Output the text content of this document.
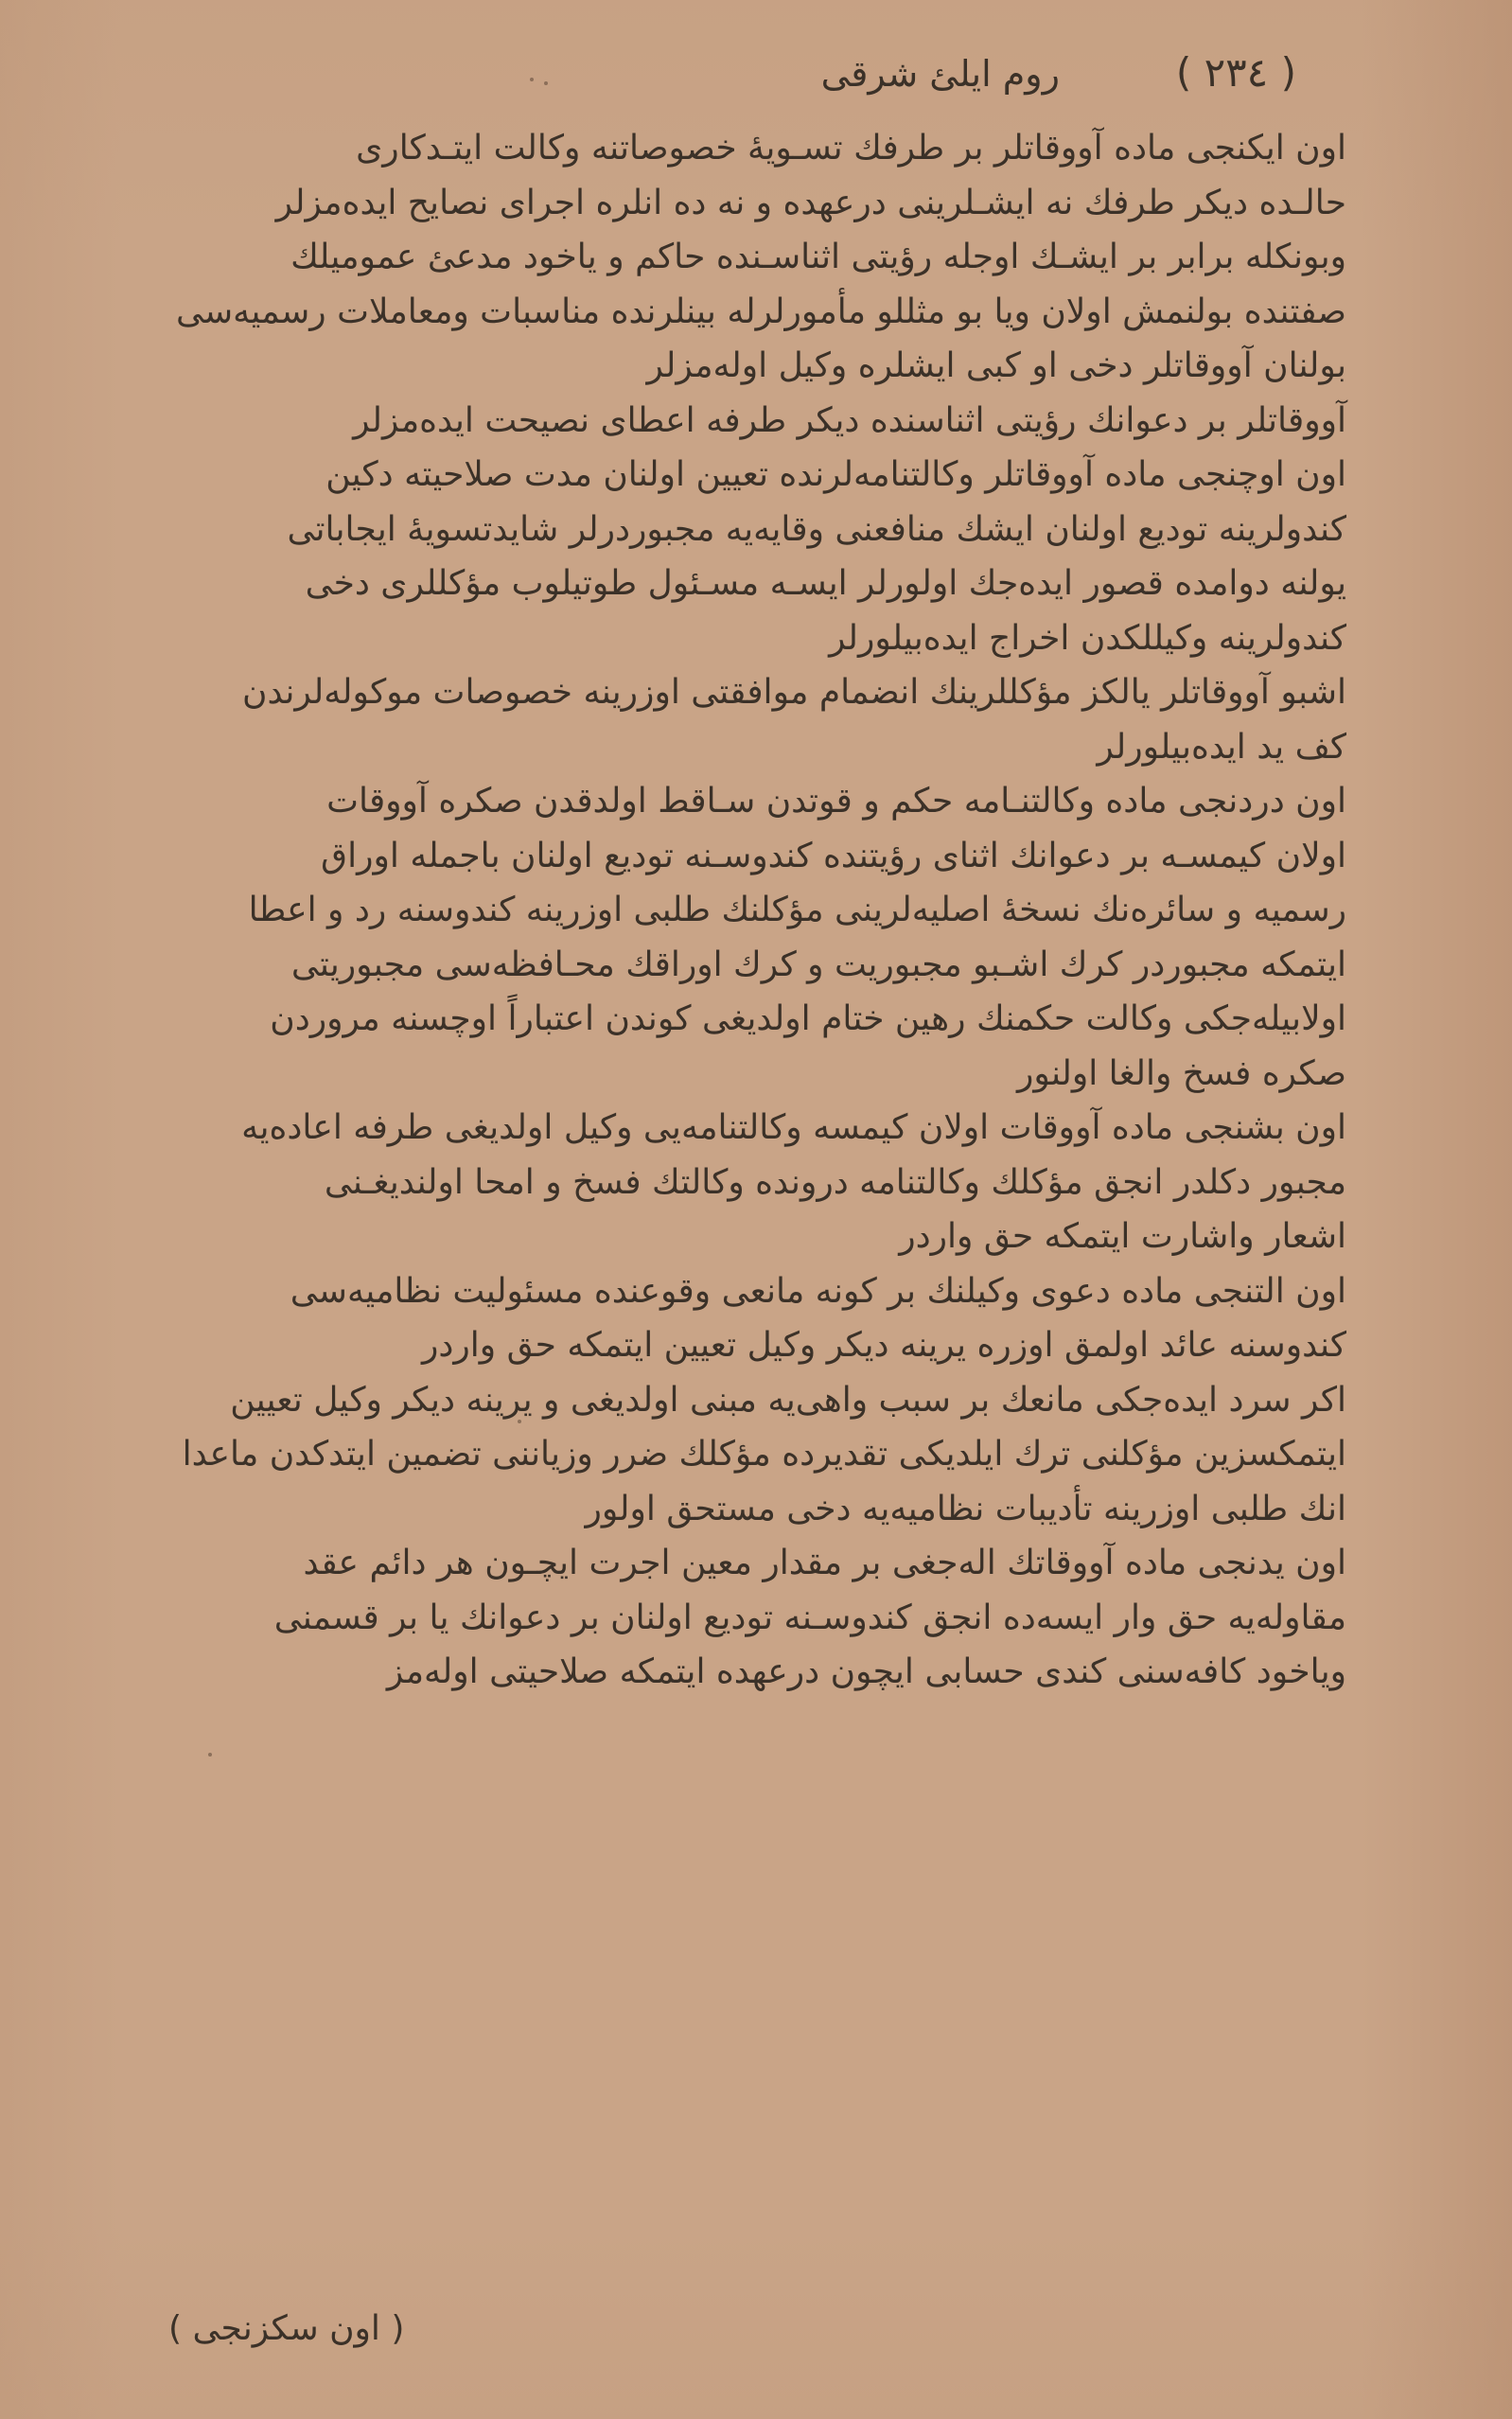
( ٢٣٤ )
روم ایلئ شرقی
اون ایکنجی ماده آووقاتلر بر طرفك تسـویهٔ خصوصاتنه وكالت ایتـدكاری
حالـده دیكر طرفك نه ایشـلرینی درعهده و نه ده انلره اجرای نصایح ایده‌مزلر
وبونكله برابر بر ایشـك اوجله رؤیتی اثناسـنده حاكم و یاخود مدعئ عمومیلك
صفتنده بولنمش اولان ویا بو مثللو مأمورلرله بینلرنده منا‌سبات ومعاملات رسمیه‌سی
بولنان آووقاتلر دخی او كبی ایشلره وكیل اوله‌مزلر
آووقاتلر بر دعوانك رؤیتی اثناسنده دیكر طرفه اعطای نصیحت ایده‌مزلر
اون اوچنجی ماده آووقاتلر وكالتنامه‌لرنده تعیین اولنان مدت صلاحیته دكین
كندولرینه تودیع اولنان ایشك منافعنی وقایه‌یه مجبوردرلر شایدتسویهٔ ایجاباتی
یولنه دوامده قصور ایده‌جك اولورلر ایسـه مسـئول طوتیلوب مؤكللری دخی
كندولرینه وكیللكدن اخراج ایده‌بیلورلر
اشبو آووقاتلر یالكز مؤكللرینك انضمام موافقتی اوزرینه خصوصات موكوله‌لرندن
كف ید ایده‌بیلورلر
اون دردنجی ماده وكالتنـامه حكم و قوتدن سـاقط اولدقدن صكره آووقات
اولان كیمسـه بر دعوانك اثنای رؤیتنده كندوسـنه تودیع اولنان باجمله اوراق
رسمیه و سائره‌نك نسخهٔ اصلیه‌لرینی مؤكلنك طلبی اوزرینه كندوسنه رد و اعطا
ایتمكه مجبوردر كرك اشـبو مجبوریت و كرك اوراقك محـافظه‌سی مجبوریتی
اولابیله‌جكی وكالت حكمنك رهین ختام اولدیغی كوندن اعتباراً اوچسنه مروردن
صكره فسخ والغا اولنور
اون بشنجی ماده آووقات اولان كیمسه وكالتنامه‌یی وكیل اولدیغی طرفه اعاده‌یه
مجبور دكلدر انجق مؤكلك وكالتنامه درونده وكالتك فسخ و امحا اولندیغـنی
اشعار واشارت ایتمكه حق واردر
اون التنجی ماده دعوی وكیلنك بر كونه مانعی وقوعنده مسئولیت نظامیه‌سی
كندوسنه عائد اولمق اوزره یرینه دیكر وكیل تعیین ایتمكه حق واردر
اكر سرد ایده‌جكی مانعك بر سبب واهی‌یه مبنی اولدیغی و یرینه دیكر وكیل تعیین
ایتمكسزین مؤكلنی ترك ایلدیكی تقدیرده مؤكلك ضرر وزیاننی تضمین ایتدكدن ماعدا
انك طلبی اوزرینه تأدیبات نظامیه‌یه دخی مستحق اولور
اون یدنجی ماده آووقاتك اله‌جغی بر مقدار معین اجرت ایچـون هر دائم عقد
مقاوله‌یه حق وار ایسه‌ده انجق كندوسـنه تودیع اولنان بر دعوانك یا بر قسمنی
ویاخود كافه‌سنی كندی حسابی ایچون درعهده ایتمكه صلاحیتی اوله‌مز
( اون سكزنجی )
